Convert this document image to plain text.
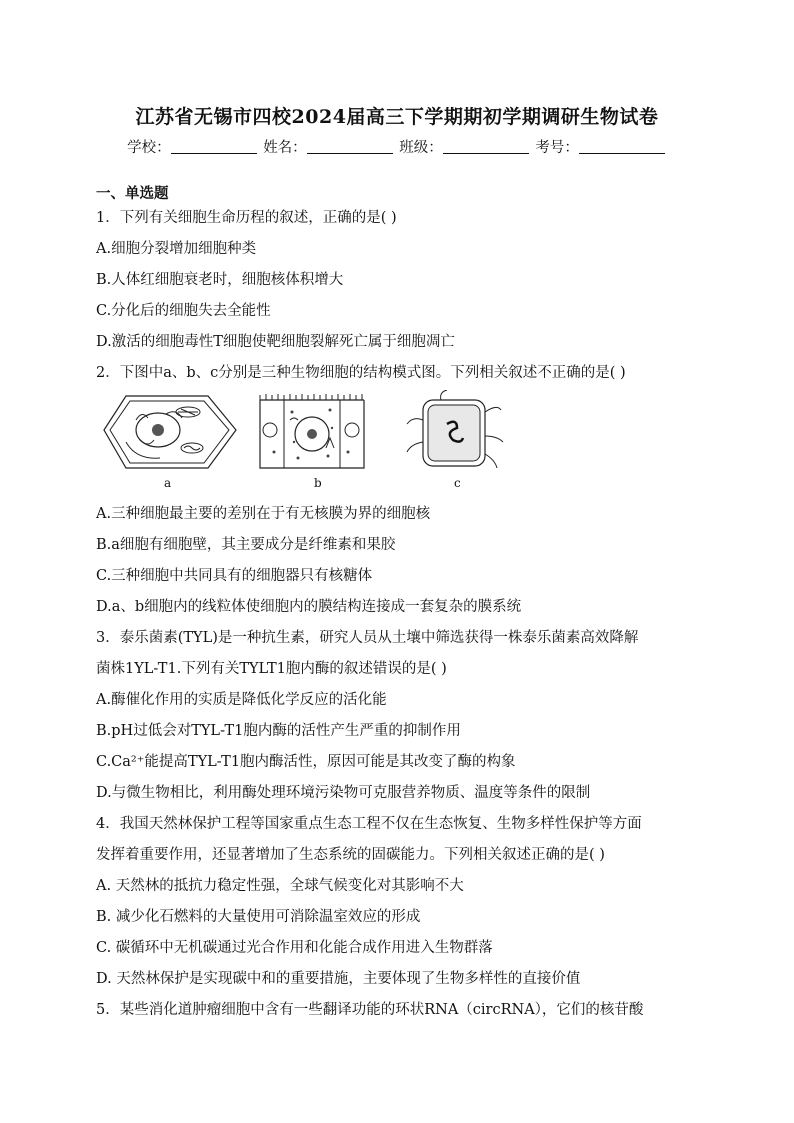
江苏省无锡市四校2024届高三下学期期初学期调研生物试卷
学校：	姓名：	班级：	考号：
一、单选题
1．下列有关细胞生命历程的叙述，正确的是( )
A.细胞分裂增加细胞种类
B.人体红细胞衰老时，细胞核体积增大
C.分化后的细胞失去全能性
D.激活的细胞毒性T细胞使靶细胞裂解死亡属于细胞凋亡
2．下图中a、b、c分别是三种生物细胞的结构模式图。下列相关叙述不正确的是( )
a	b	c
A.三种细胞最主要的差别在于有无核膜为界的细胞核
B.a细胞有细胞壁，其主要成分是纤维素和果胶
C.三种细胞中共同具有的细胞器只有核糖体
D.a、b细胞内的线粒体使细胞内的膜结构连接成一套复杂的膜系统
3．泰乐菌素(TYL)是一种抗生素，研究人员从土壤中筛选获得一株泰乐菌素高效降解
菌株1YL-T1.下列有关TYLT1胞内酶的叙述错误的是( )
A.酶催化作用的实质是降低化学反应的活化能
B.pH过低会对TYL-T1胞内酶的活性产生严重的抑制作用
C.Ca²⁺能提高TYL-T1胞内酶活性，原因可能是其改变了酶的构象
D.与微生物相比，利用酶处理环境污染物可克服营养物质、温度等条件的限制
4．我国天然林保护工程等国家重点生态工程不仅在生态恢复、生物多样性保护等方面
发挥着重要作用，还显著增加了生态系统的固碳能力。下列相关叙述正确的是( )
A. 天然林的抵抗力稳定性强，全球气候变化对其影响不大
B. 减少化石燃料的大量使用可消除温室效应的形成
C. 碳循环中无机碳通过光合作用和化能合成作用进入生物群落
D. 天然林保护是实现碳中和的重要措施，主要体现了生物多样性的直接价值
5．某些消化道肿瘤细胞中含有一些翻译功能的环状RNA（circRNA），它们的核苷酸
